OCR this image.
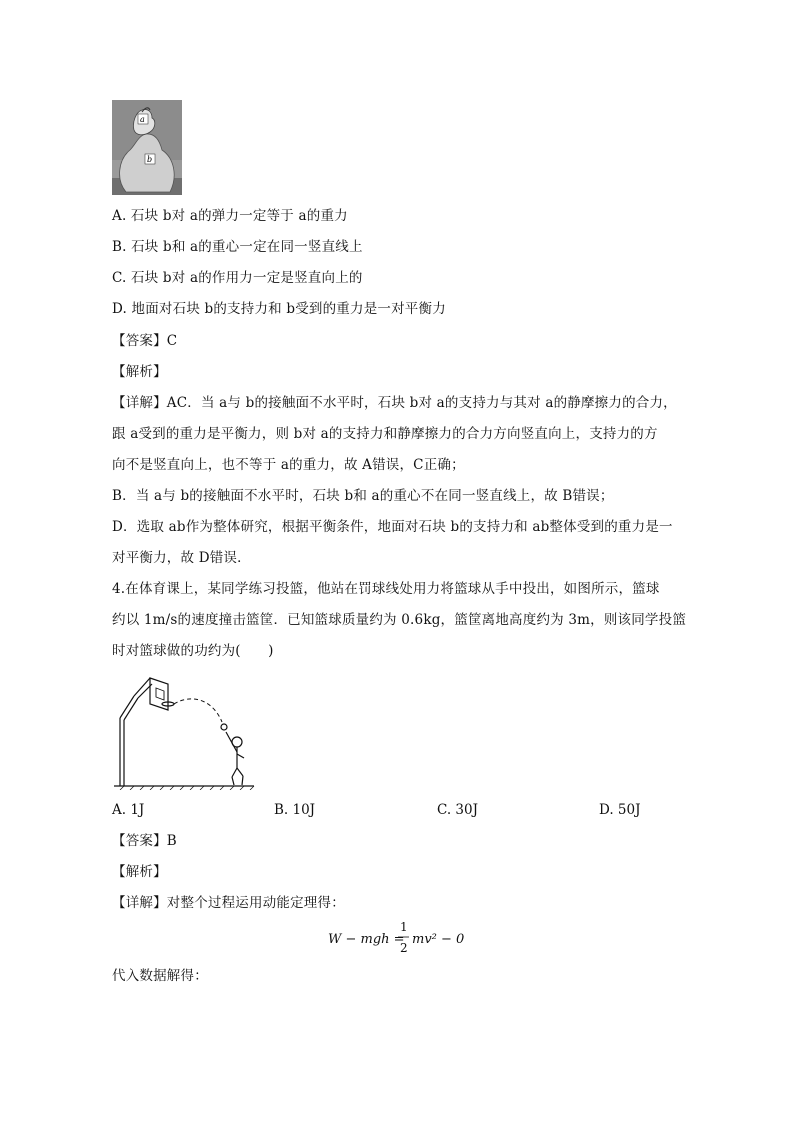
a
b
A. 石块 b对 a的弹力一定等于 a的重力
B. 石块 b和 a的重心一定在同一竖直线上
C. 石块 b对 a的作用力一定是竖直向上的
D. 地面对石块 b的支持力和 b受到的重力是一对平衡力
【答案】C
【解析】
【详解】AC．当 a与 b的接触面不水平时，石块 b对 a的支持力与其对 a的静摩擦力的合力，
跟 a受到的重力是平衡力，则 b对 a的支持力和静摩擦力的合力方向竖直向上，支持力的方
向不是竖直向上，也不等于 a的重力，故 A错误，C正确；
B．当 a与 b的接触面不水平时，石块 b和 a的重心不在同一竖直线上，故 B错误；
D．选取 ab作为整体研究，根据平衡条件，地面对石块 b的支持力和 ab整体受到的重力是一
对平衡力，故 D错误．
4.在体育课上，某同学练习投篮，他站在罚球线处用力将篮球从手中投出，如图所示，篮球
约以 1m/s的速度撞击篮筐．已知篮球质量约为 0.6kg，篮筐离地高度约为 3m，则该同学投篮
时对篮球做的功约为(　　)
A. 1J	B. 10J	C. 30J	D. 50J
【答案】B
【解析】
【详解】对整个过程运用动能定理得：
W − mgh =
1
2
mv² − 0
代入数据解得：
